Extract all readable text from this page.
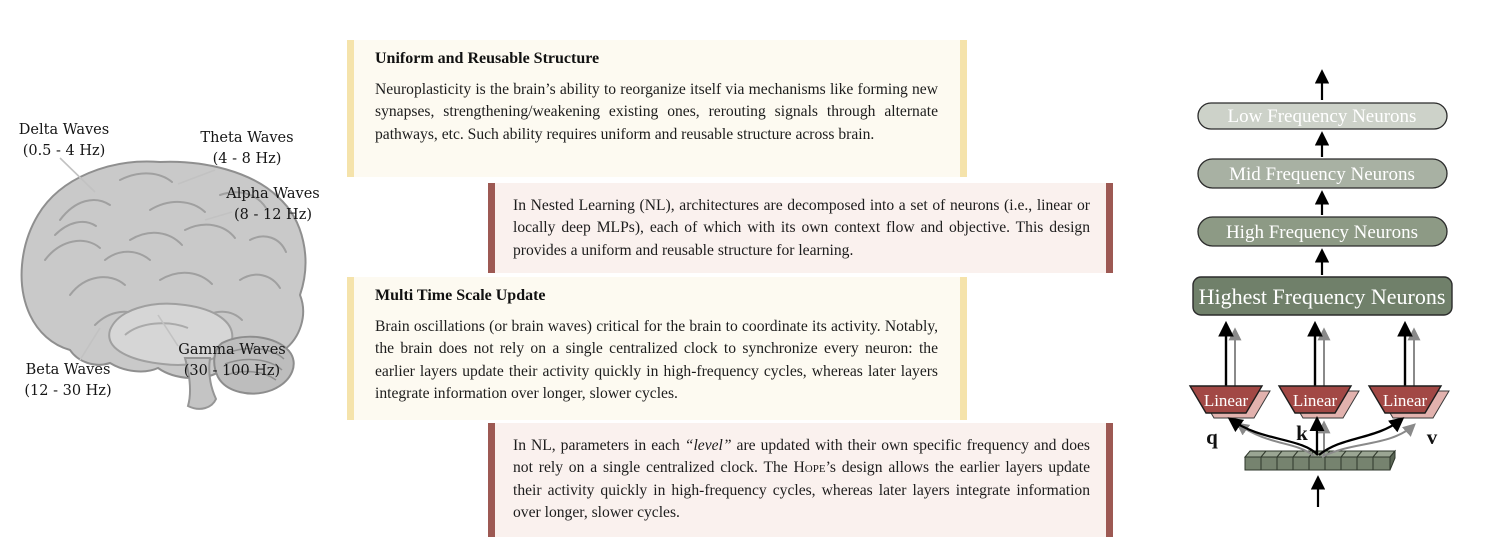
Delta Waves
(0.5 - 4 Hz)
Theta Waves
(4 - 8 Hz)
Alpha Waves
(8 - 12 Hz)
Beta Waves
(12 - 30 Hz)
Gamma Waves
(30 - 100 Hz)
Uniform and Reusable Structure
Neuroplasticity is the brain’s ability to reorganize itself via mechanisms like forming new synapses, strengthening/weakening existing ones, rerouting signals through alternate pathways, etc. Such ability requires uniform and reusable structure across brain.
In Nested Learning (NL), architectures are decomposed into a set of neurons (i.e., linear or locally deep MLPs), each of which with its own context flow and objective. This design provides a uniform and reusable structure for learning.
Multi Time Scale Update
Brain oscillations (or brain waves) critical for the brain to coordinate its activity. Notably, the brain does not rely on a single centralized clock to synchronize every neuron: the earlier layers update their activity quickly in high-frequency cycles, whereas later layers integrate information over longer, slower cycles.
In NL, parameters in each “level” are updated with their own specific frequency and does not rely on a single centralized clock. The Hope’s design allows the earlier layers update their activity quickly in high-frequency cycles, whereas later layers integrate information over longer, slower cycles.
Low Frequency Neurons
Mid Frequency Neurons
High Frequency Neurons
Highest Frequency Neurons
Linear	Linear	Linear
q	k	v
